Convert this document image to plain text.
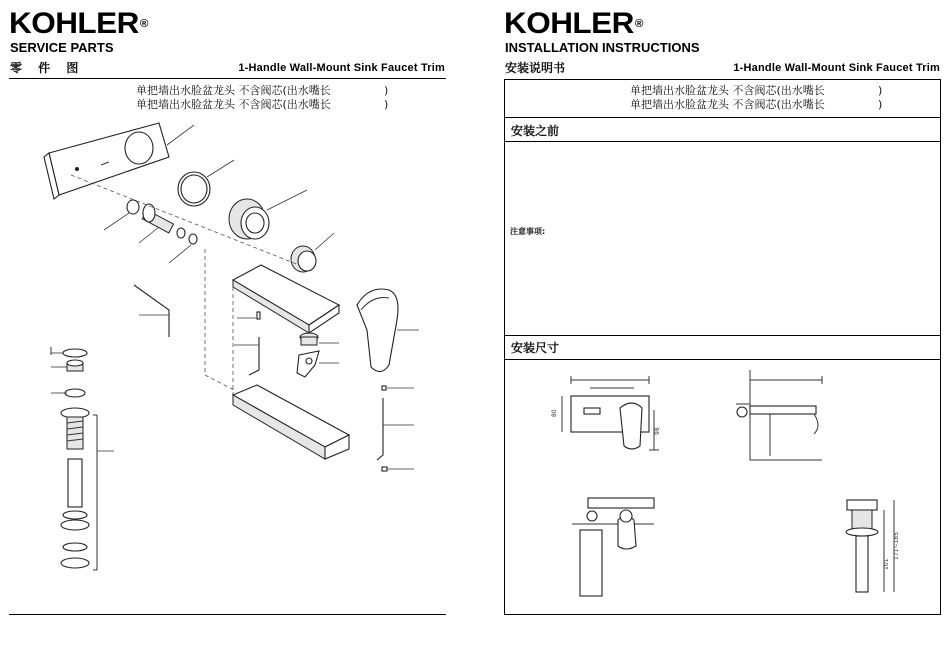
KOHLER®
SERVICE PARTS
零 件 图	1-Handle Wall-Mount Sink Faucet Trim
单把墙出水脸盆龙头 不含阀芯(出水嘴长	)
单把墙出水脸盆龙头 不含阀芯(出水嘴长	)
KOHLER®
INSTALLATION INSTRUCTIONS
安装说明书	1-Handle Wall-Mount Sink Faucet Trim
单把墙出水脸盆龙头 不含阀芯(出水嘴长	)
单把墙出水脸盆龙头 不含阀芯(出水嘴长	)
安装之前
注意事项:
安装尺寸
80
98
101
171~185
